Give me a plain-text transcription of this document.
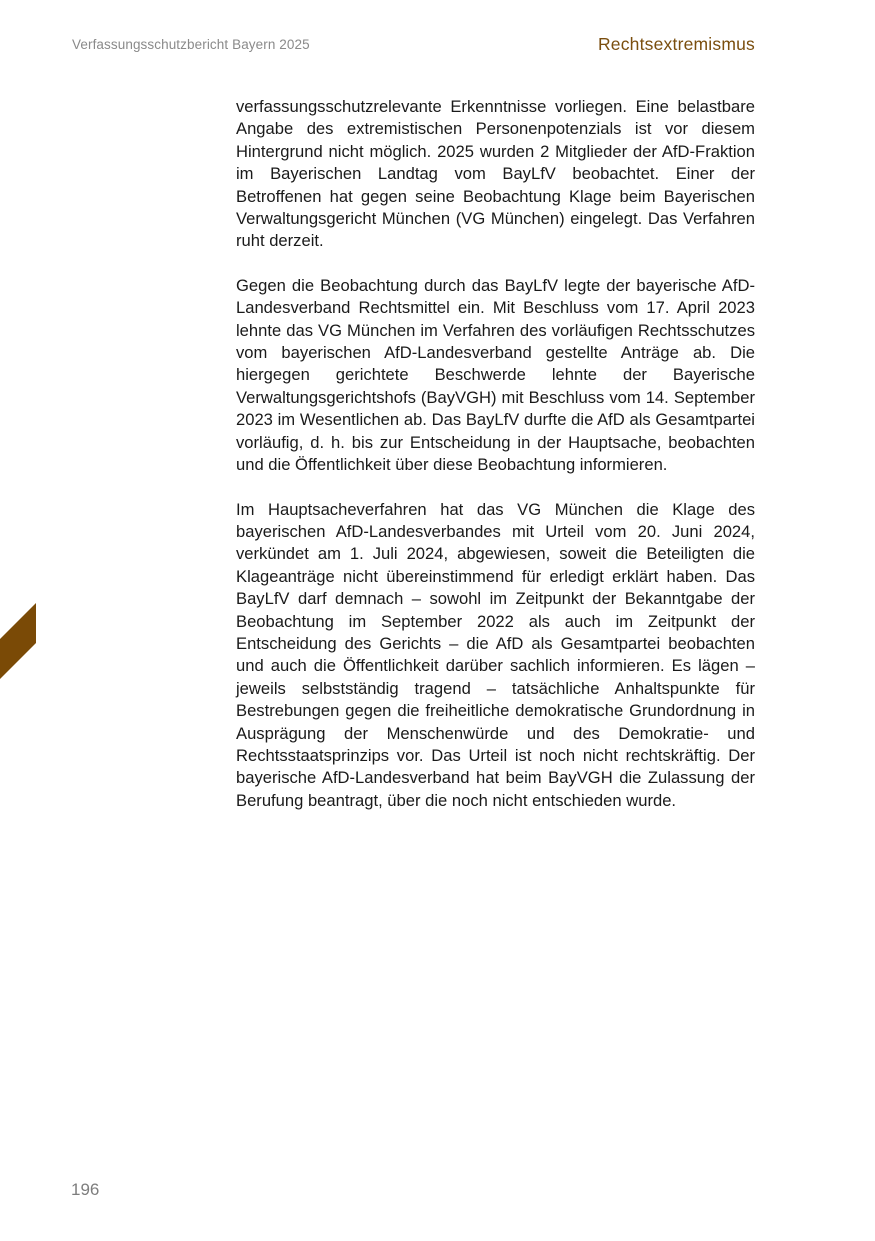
Verfassungsschutzbericht Bayern 2025	Rechtsextremismus

verfassungsschutzrelevante Erkenntnisse vorliegen. Eine belastbare Angabe des extremistischen Personenpotenzials ist vor diesem Hintergrund nicht möglich. 2025 wurden 2 Mitglieder der AfD-Fraktion im Bayerischen Landtag vom BayLfV beobachtet. Einer der Betroffenen hat gegen seine Beobachtung Klage beim Bayerischen Verwaltungsgericht München (VG München) eingelegt. Das Verfahren ruht derzeit.

Gegen die Beobachtung durch das BayLfV legte der bayerische AfD-Landesverband Rechtsmittel ein. Mit Beschluss vom 17. April 2023 lehnte das VG München im Verfahren des vorläufigen Rechtsschutzes vom bayerischen AfD-Landesverband gestellte Anträge ab. Die hiergegen gerichtete Beschwerde lehnte der Bayerische Verwaltungsgerichtshofs (BayVGH) mit Beschluss vom 14. September 2023 im Wesentlichen ab. Das BayLfV durfte die AfD als Gesamtpartei vorläufig, d. h. bis zur Entscheidung in der Hauptsache, beobachten und die Öffentlichkeit über diese Beobachtung informieren.

Im Hauptsacheverfahren hat das VG München die Klage des bayerischen AfD-Landesverbandes mit Urteil vom 20. Juni 2024, verkündet am 1. Juli 2024, abgewiesen, soweit die Beteiligten die Klageanträge nicht übereinstimmend für erledigt erklärt haben. Das BayLfV darf demnach – sowohl im Zeitpunkt der Bekanntgabe der Beobachtung im September 2022 als auch im Zeitpunkt der Entscheidung des Gerichts – die AfD als Gesamtpartei beobachten und auch die Öffentlichkeit darüber sachlich informieren. Es lägen – jeweils selbstständig tragend – tatsächliche Anhaltspunkte für Bestrebungen gegen die freiheitliche demokratische Grundordnung in Ausprägung der Menschenwürde und des Demokratie- und Rechtsstaatsprinzips vor. Das Urteil ist noch nicht rechtskräftig. Der bayerische AfD-Landesverband hat beim BayVGH die Zulassung der Berufung beantragt, über die noch nicht entschieden wurde.

196
